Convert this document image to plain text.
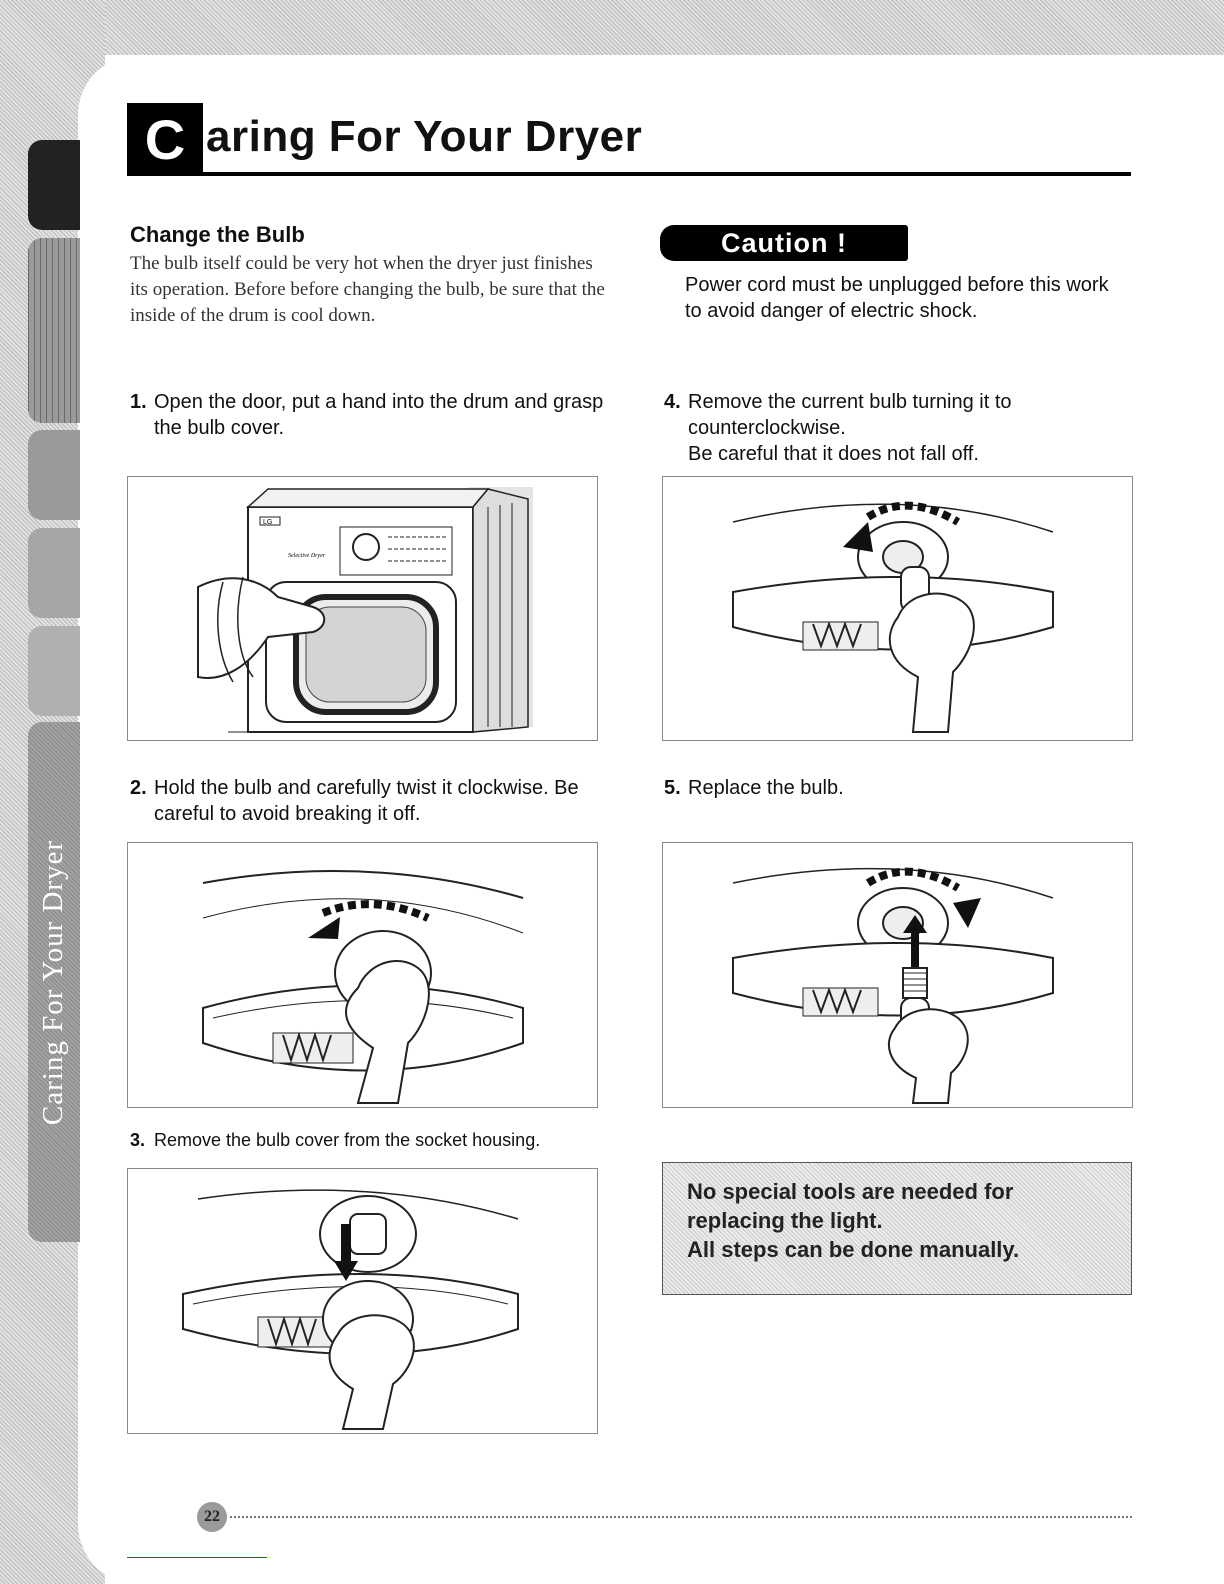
Caring For Your Dryer
C aring For Your Dryer
Change the Bulb

The bulb itself could be very hot when the dryer just finishes its operation. Before before changing the bulb, be sure that the inside of the drum is cool down.

Caution !

Power cord must be unplugged before this work to avoid danger of electric shock.

1. Open the door, put a hand into the drum and grasp the bulb cover.

LG
Selective Dryer

2. Hold the bulb and carefully twist it clockwise. Be careful to avoid breaking it off.

3. Remove the bulb cover from the socket housing.

4. Remove the current bulb turning it to counterclockwise.
Be careful that it does not fall off.

5. Replace the bulb.

No special tools are needed for replacing the light.

All steps can be done manually.

22
